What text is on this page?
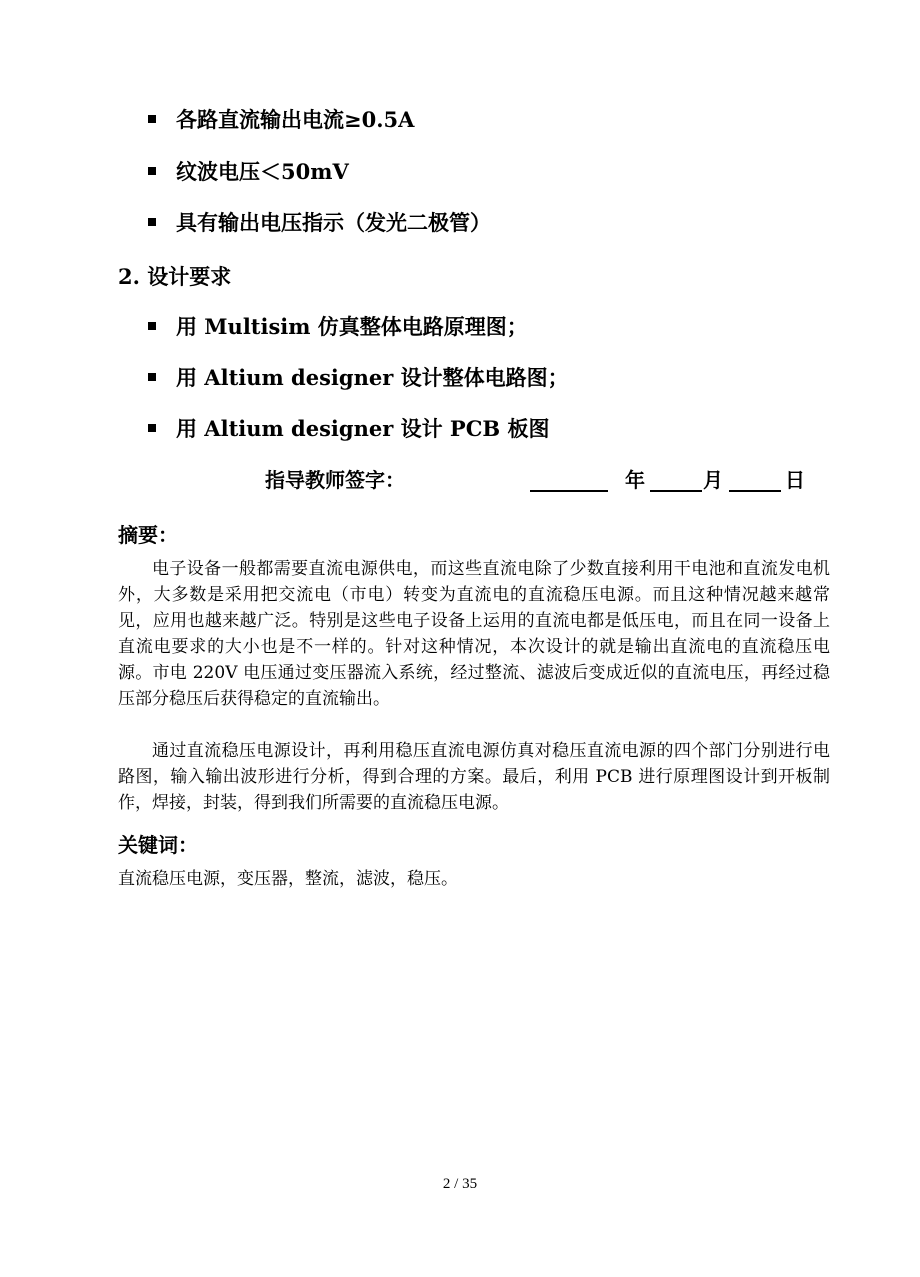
各路直流输出电流≥0.5A
纹波电压＜50mV
具有输出电压指示（发光二极管）
2. 设计要求
用 Multisim 仿真整体电路原理图；
用 Altium designer 设计整体电路图；
用 Altium designer 设计 PCB 板图
指导教师签字：	年	月	日
摘要：
电子设备一般都需要直流电源供电，而这些直流电除了少数直接利用干电池和直流发电机外，大多数是采用把交流电（市电）转变为直流电的直流稳压电源。而且这种情况越来越常见，应用也越来越广泛。特别是这些电子设备上运用的直流电都是低压电，而且在同一设备上直流电要求的大小也是不一样的。针对这种情况，本次设计的就是输出直流电的直流稳压电源。市电 220V 电压通过变压器流入系统，经过整流、滤波后变成近似的直流电压，再经过稳压部分稳压后获得稳定的直流输出。
通过直流稳压电源设计，再利用稳压直流电源仿真对稳压直流电源的四个部门分别进行电路图，输入输出波形进行分析，得到合理的方案。最后，利用 PCB 进行原理图设计到开板制作，焊接，封装，得到我们所需要的直流稳压电源。
关键词：
直流稳压电源，变压器，整流，滤波，稳压。
2 / 35
